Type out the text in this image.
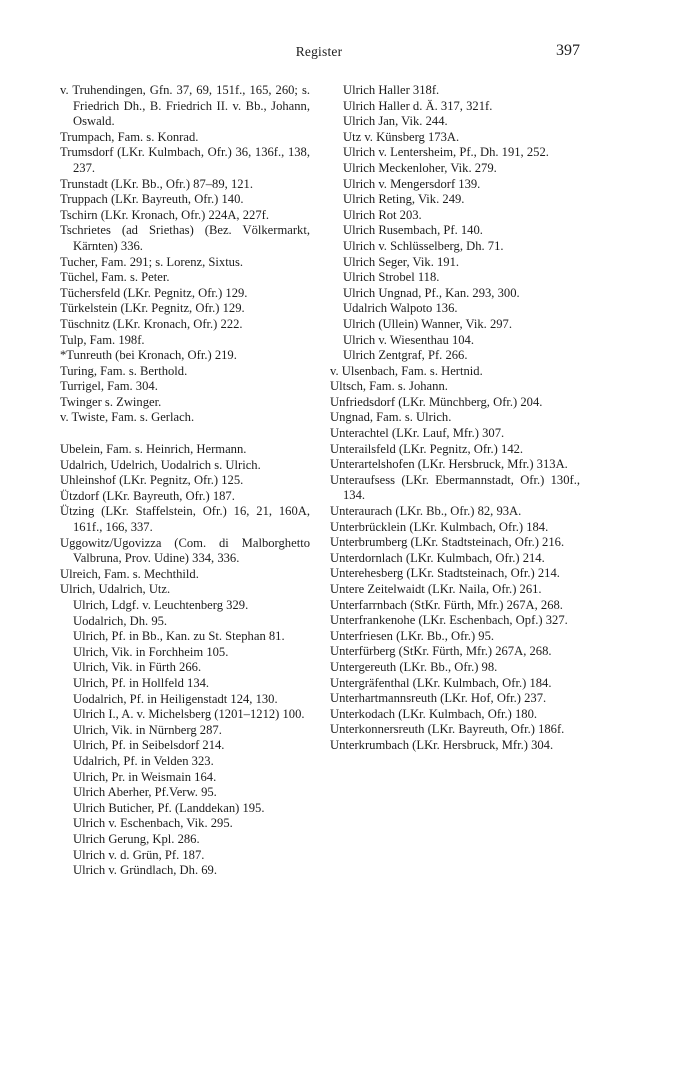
Register	397
v. Truhendingen, Gfn. 37, 69, 151f., 165, 260; s. Friedrich Dh., B. Friedrich II. v. Bb., Johann, Oswald.
Trumpach, Fam. s. Konrad.
Trumsdorf (LKr. Kulmbach, Ofr.) 36, 136f., 138, 237.
Trunstadt (LKr. Bb., Ofr.) 87–89, 121.
Truppach (LKr. Bayreuth, Ofr.) 140.
Tschirn (LKr. Kronach, Ofr.) 224A, 227f.
Tschrietes (ad Sriethas) (Bez. Völkermarkt, Kärnten) 336.
Tucher, Fam. 291; s. Lorenz, Sixtus.
Tüchel, Fam. s. Peter.
Tüchersfeld (LKr. Pegnitz, Ofr.) 129.
Türkelstein (LKr. Pegnitz, Ofr.) 129.
Tüschnitz (LKr. Kronach, Ofr.) 222.
Tulp, Fam. 198f.
*Tunreuth (bei Kronach, Ofr.) 219.
Turing, Fam. s. Berthold.
Turrigel, Fam. 304.
Twinger s. Zwinger.
v. Twiste, Fam. s. Gerlach.
Ubelein, Fam. s. Heinrich, Hermann.
Udalrich, Udelrich, Uodalrich s. Ulrich.
Uhleinshof (LKr. Pegnitz, Ofr.) 125.
Ützdorf (LKr. Bayreuth, Ofr.) 187.
Ützing (LKr. Staffelstein, Ofr.) 16, 21, 160A, 161f., 166, 337.
Uggowitz/Ugovizza (Com. di Malborghetto Valbruna, Prov. Udine) 334, 336.
Ulreich, Fam. s. Mechthild.
Ulrich, Udalrich, Utz.
Ulrich, Ldgf. v. Leuchtenberg 329.
Uodalrich, Dh. 95.
Ulrich, Pf. in Bb., Kan. zu St. Stephan 81.
Ulrich, Vik. in Forchheim 105.
Ulrich, Vik. in Fürth 266.
Ulrich, Pf. in Hollfeld 134.
Uodalrich, Pf. in Heiligenstadt 124, 130.
Ulrich I., A. v. Michelsberg (1201–1212) 100.
Ulrich, Vik. in Nürnberg 287.
Ulrich, Pf. in Seibelsdorf 214.
Udalrich, Pf. in Velden 323.
Ulrich, Pr. in Weismain 164.
Ulrich Aberher, Pf.Verw. 95.
Ulrich Buticher, Pf. (Landdekan) 195.
Ulrich v. Eschenbach, Vik. 295.
Ulrich Gerung, Kpl. 286.
Ulrich v. d. Grün, Pf. 187.
Ulrich v. Gründlach, Dh. 69.
Ulrich Haller 318f.
Ulrich Haller d. Ä. 317, 321f.
Ulrich Jan, Vik. 244.
Utz v. Künsberg 173A.
Ulrich v. Lentersheim, Pf., Dh. 191, 252.
Ulrich Meckenloher, Vik. 279.
Ulrich v. Mengersdorf 139.
Ulrich Reting, Vik. 249.
Ulrich Rot 203.
Ulrich Rusembach, Pf. 140.
Ulrich v. Schlüsselberg, Dh. 71.
Ulrich Seger, Vik. 191.
Ulrich Strobel 118.
Ulrich Ungnad, Pf., Kan. 293, 300.
Udalrich Walpoto 136.
Ulrich (Ullein) Wanner, Vik. 297.
Ulrich v. Wiesenthau 104.
Ulrich Zentgraf, Pf. 266.
v. Ulsenbach, Fam. s. Hertnid.
Ultsch, Fam. s. Johann.
Unfriedsdorf (LKr. Münchberg, Ofr.) 204.
Ungnad, Fam. s. Ulrich.
Unterachtel (LKr. Lauf, Mfr.) 307.
Unterailsfeld (LKr. Pegnitz, Ofr.) 142.
Unterartelshofen (LKr. Hersbruck, Mfr.) 313A.
Unteraufsess (LKr. Ebermannstadt, Ofr.) 130f., 134.
Unteraurach (LKr. Bb., Ofr.) 82, 93A.
Unterbrücklein (LKr. Kulmbach, Ofr.) 184.
Unterbrumberg (LKr. Stadtsteinach, Ofr.) 216.
Unterdornlach (LKr. Kulmbach, Ofr.) 214.
Unterehesberg (LKr. Stadtsteinach, Ofr.) 214.
Untere Zeitelwaidt (LKr. Naila, Ofr.) 261.
Unterfarrnbach (StKr. Fürth, Mfr.) 267A, 268.
Unterfrankenohe (LKr. Eschenbach, Opf.) 327.
Unterfriesen (LKr. Bb., Ofr.) 95.
Unterfürberg (StKr. Fürth, Mfr.) 267A, 268.
Untergereuth (LKr. Bb., Ofr.) 98.
Untergräfenthal (LKr. Kulmbach, Ofr.) 184.
Unterhartmannsreuth (LKr. Hof, Ofr.) 237.
Unterkodach (LKr. Kulmbach, Ofr.) 180.
Unterkonnersreuth (LKr. Bayreuth, Ofr.) 186f.
Unterkrumbach (LKr. Hersbruck, Mfr.) 304.
